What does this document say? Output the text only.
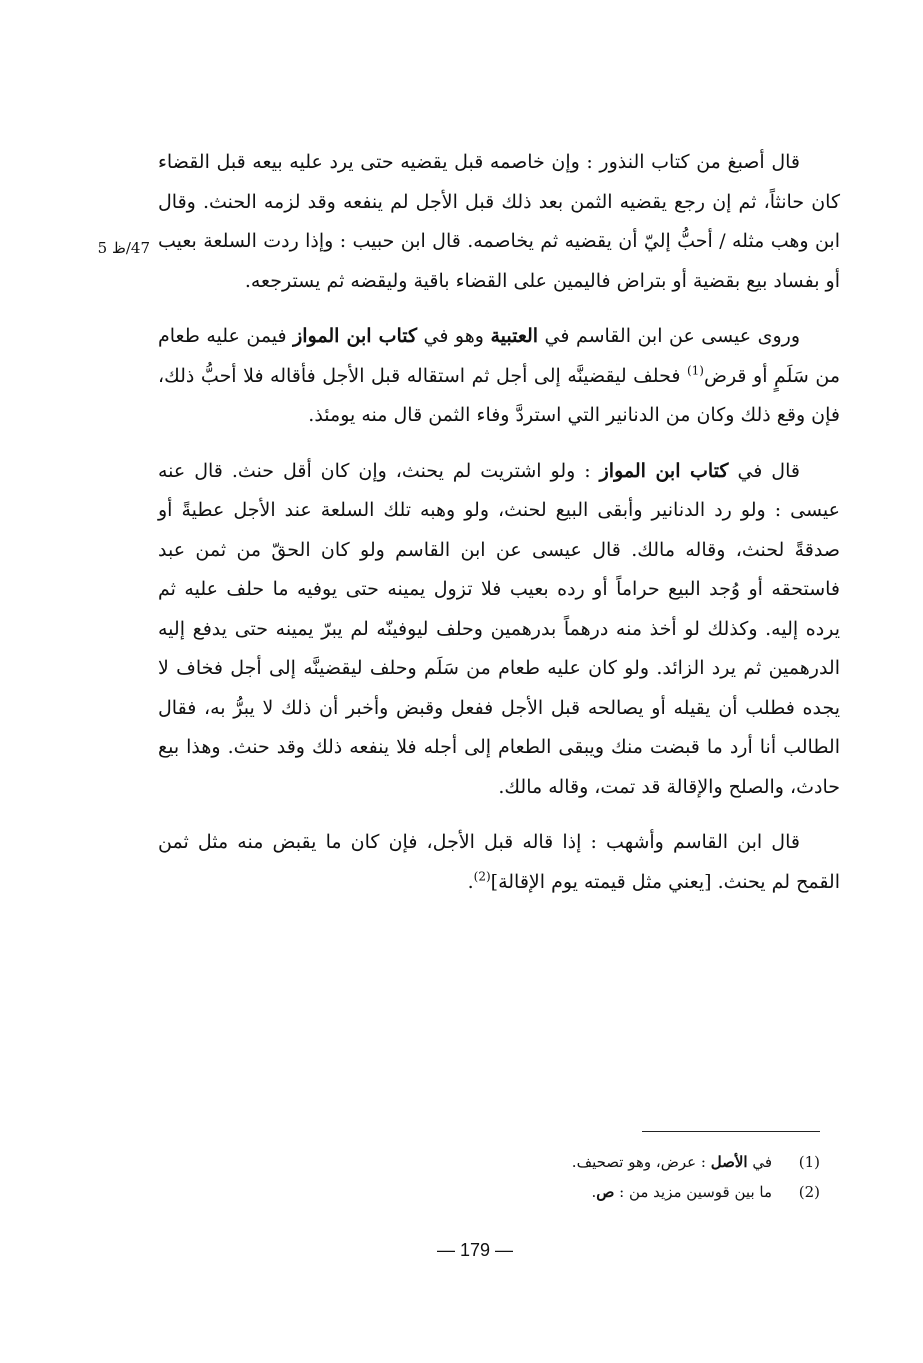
47/ظ 5

قال أصبغ من كتاب النذور : وإن خاصمه قبل يقضيه حتى يرد عليه بيعه قبل القضاء كان حانثاً، ثم إن رجع يقضيه الثمن بعد ذلك قبل الأجل لم ينفعه وقد لزمه الحنث. وقال ابن وهب مثله / أحبُّ إليّ أن يقضيه ثم يخاصمه. قال ابن حبيب : وإذا ردت السلعة بعيب أو بفساد بيع بقضية أو بتراض فاليمين على القضاء باقية وليقضه ثم يسترجعه.

وروى عيسى عن ابن القاسم في العتبية وهو في كتاب ابن المواز فيمن عليه طعام من سَلَمٍ أو قرض$^{(1)}$ فحلف ليقضينَّه إلى أجل ثم استقاله قبل الأجل فأقاله فلا أحبُّ ذلك، فإن وقع ذلك وكان من الدنانير التي استردَّ وفاء الثمن قال منه يومئذ.

قال في كتاب ابن المواز : ولو اشتريت لم يحنث، وإن كان أقل حنث. قال عنه عيسى : ولو رد الدنانير وأبقى البيع لحنث، ولو وهبه تلك السلعة عند الأجل عطيةً أو صدقةً لحنث، وقاله مالك. قال عيسى عن ابن القاسم ولو كان الحقّ من ثمن عبد فاستحقه أو وُجد البيع حراماً أو رده بعيب فلا تزول يمينه حتى يوفيه ما حلف عليه ثم يرده إليه. وكذلك لو أخذ منه درهماً بدرهمين وحلف ليوفينّه لم يبرّ يمينه حتى يدفع إليه الدرهمين ثم يرد الزائد. ولو كان عليه طعام من سَلَم وحلف ليقضينَّه إلى أجل فخاف لا يجده فطلب أن يقيله أو يصالحه قبل الأجل ففعل وقبض وأخبر أن ذلك لا يبرُّ به، فقال الطالب أنا أرد ما قبضت منك ويبقى الطعام إلى أجله فلا ينفعه ذلك وقد حنث. وهذا بيع حادث، والصلح والإقالة قد تمت، وقاله مالك.

قال ابن القاسم وأشهب : إذا قاله قبل الأجل، فإن كان ما يقبض منه مثل ثمن القمح لم يحنث. [يعني مثل قيمته يوم الإقالة]$^{(2)}$.

(1)
في الأصل : عرض، وهو تصحيف.
(2)
ما بين قوسين مزيد من : ص.
— 179 —
